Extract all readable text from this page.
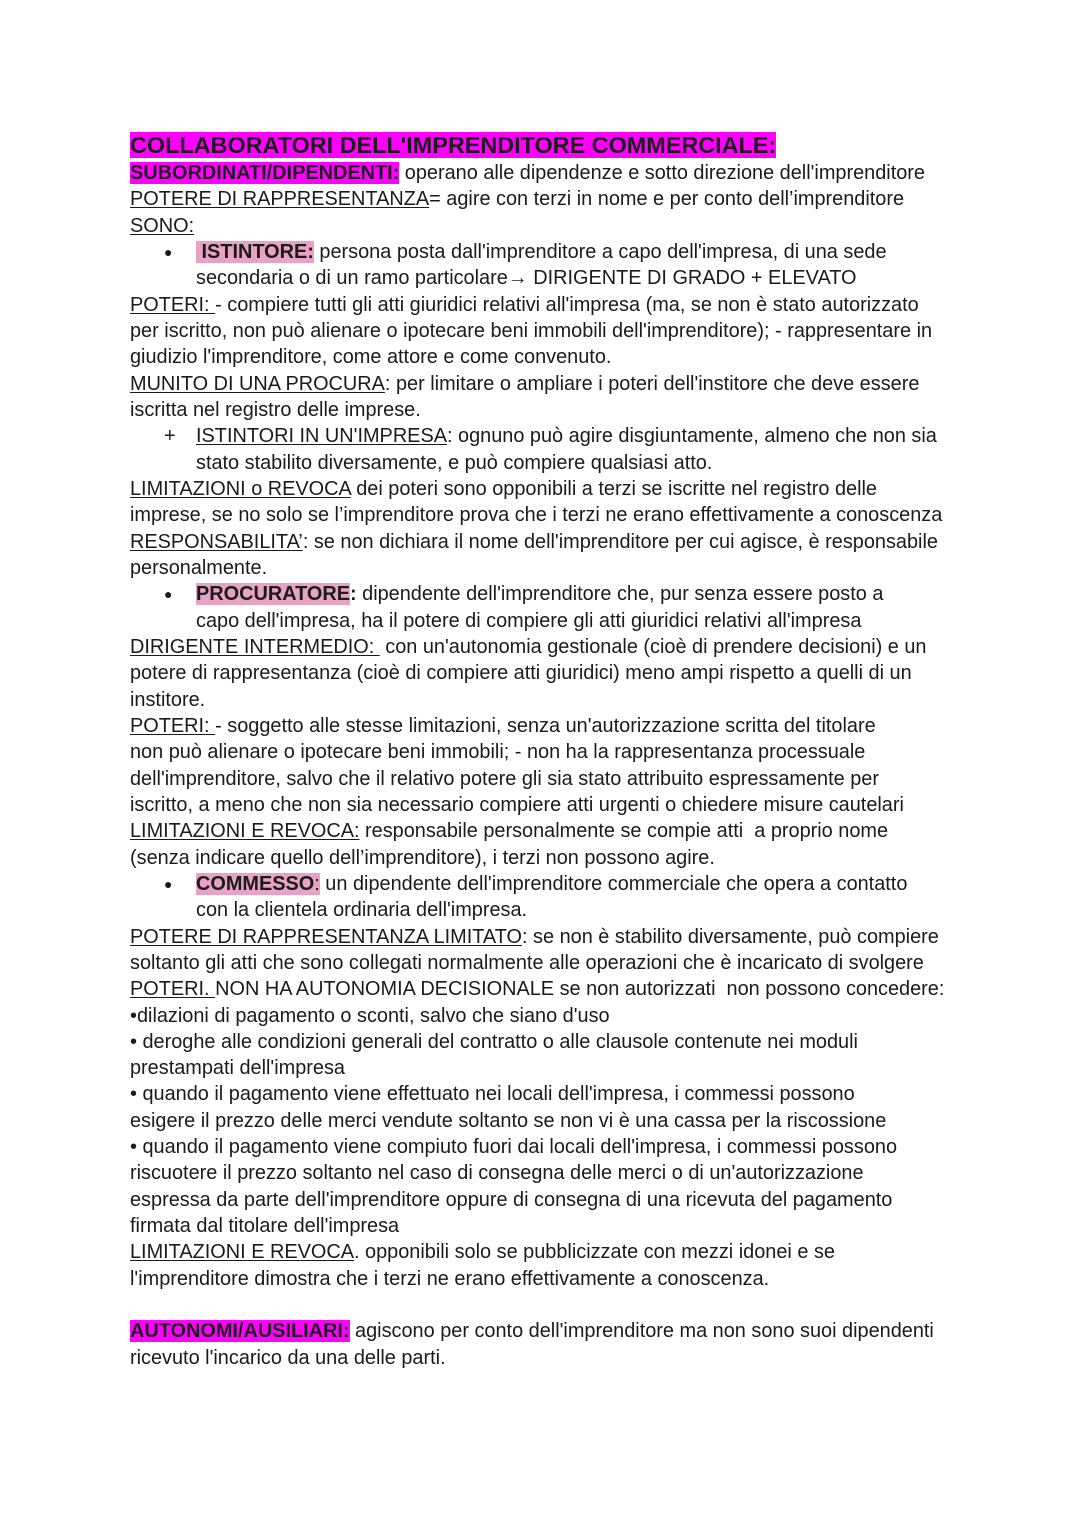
COLLABORATORI DELL'IMPRENDITORE COMMERCIALE:
SUBORDINATI/DIPENDENTI: operano alle dipendenze e sotto direzione dell'imprenditore
POTERE DI RAPPRESENTANZA= agire con terzi in nome e per conto dell’imprenditore
SONO:
● ISTINTORE: persona posta dall'imprenditore a capo dell'impresa, di una sede
secondaria o di un ramo particolare→ DIRIGENTE DI GRADO + ELEVATO
POTERI: - compiere tutti gli atti giuridici relativi all'impresa (ma, se non è stato autorizzato
per iscritto, non può alienare o ipotecare beni immobili dell'imprenditore); - rappresentare in
giudizio l'imprenditore, come attore e come convenuto.
MUNITO DI UNA PROCURA: per limitare o ampliare i poteri dell'institore che deve essere
iscritta nel registro delle imprese.
+ ISTINTORI IN UN'IMPRESA: ognuno può agire disgiuntamente, almeno che non sia
stato stabilito diversamente, e può compiere qualsiasi atto.
LIMITAZIONI o REVOCA dei poteri sono opponibili a terzi se iscritte nel registro delle
imprese, se no solo se l’imprenditore prova che i terzi ne erano effettivamente a conoscenza
RESPONSABILITA’: se non dichiara il nome dell'imprenditore per cui agisce, è responsabile
personalmente.
● PROCURATORE: dipendente dell'imprenditore che, pur senza essere posto a
capo dell'impresa, ha il potere di compiere gli atti giuridici relativi all'impresa
DIRIGENTE INTERMEDIO:  con un'autonomia gestionale (cioè di prendere decisioni) e un
potere di rappresentanza (cioè di compiere atti giuridici) meno ampi rispetto a quelli di un
institore.
POTERI: - soggetto alle stesse limitazioni, senza un'autorizzazione scritta del titolare
non può alienare o ipotecare beni immobili; - non ha la rappresentanza processuale
dell'imprenditore, salvo che il relativo potere gli sia stato attribuito espressamente per
iscritto, a meno che non sia necessario compiere atti urgenti o chiedere misure cautelari
LIMITAZIONI E REVOCA: responsabile personalmente se compie atti  a proprio nome
(senza indicare quello dell’imprenditore), i terzi non possono agire.
● COMMESSO: un dipendente dell'imprenditore commerciale che opera a contatto
con la clientela ordinaria dell'impresa.
POTERE DI RAPPRESENTANZA LIMITATO: se non è stabilito diversamente, può compiere
soltanto gli atti che sono collegati normalmente alle operazioni che è incaricato di svolgere
POTERI. NON HA AUTONOMIA DECISIONALE se non autorizzati  non possono concedere:
•dilazioni di pagamento o sconti, salvo che siano d'uso
• deroghe alle condizioni generali del contratto o alle clausole contenute nei moduli
prestampati dell'impresa
• quando il pagamento viene effettuato nei locali dell'impresa, i commessi possono
esigere il prezzo delle merci vendute soltanto se non vi è una cassa per la riscossione
• quando il pagamento viene compiuto fuori dai locali dell'impresa, i commessi possono
riscuotere il prezzo soltanto nel caso di consegna delle merci o di un'autorizzazione
espressa da parte dell'imprenditore oppure di consegna di una ricevuta del pagamento
firmata dal titolare dell'impresa
LIMITAZIONI E REVOCA. opponibili solo se pubblicizzate con mezzi idonei e se
l'imprenditore dimostra che i terzi ne erano effettivamente a conoscenza.
AUTONOMI/AUSILIARI: agiscono per conto dell'imprenditore ma non sono suoi dipendenti
ricevuto l'incarico da una delle parti.
